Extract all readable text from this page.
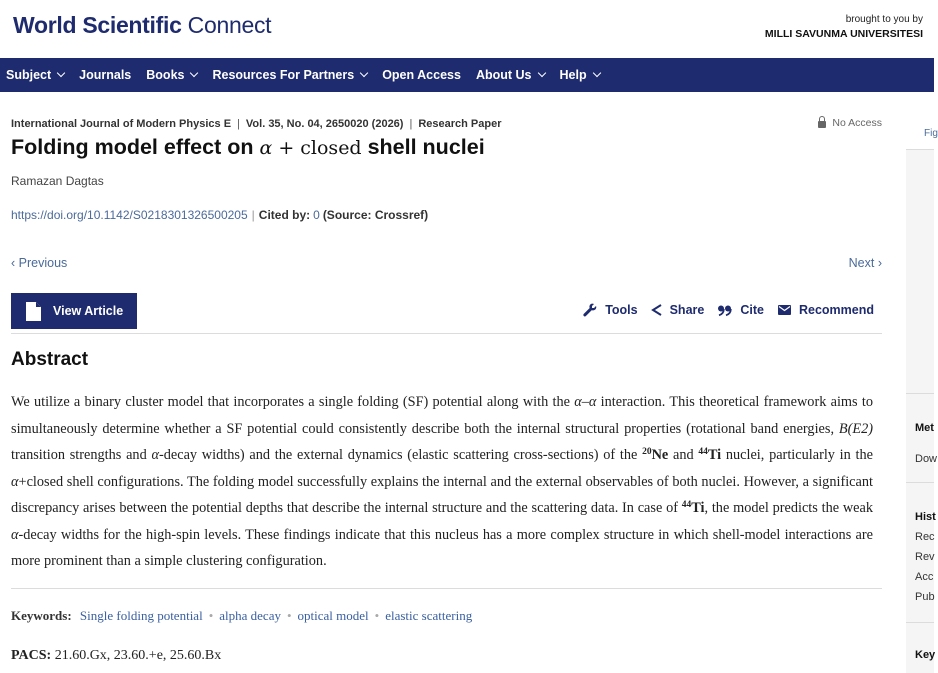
World Scientific Connect	brought to you by
MILLI SAVUNMA UNIVERSITESI
Subject Journals Books Resources For Partners Open Access About Us Help
International Journal of Modern Physics E | Vol. 35, No. 04, 2650020 (2026) | Research Paper	No Access
Folding model effect on α + closed shell nuclei
Ramazan Dagtas
https://doi.org/10.1142/S0218301326500205 | Cited by: 0 (Source: Crossref)
‹ Previous	Next ›
View Article	Tools	Share	Cite	Recommend
Abstract

We utilize a binary cluster model that incorporates a single folding (SF) potential along with the α–α interaction. This theoretical framework aims to simultaneously determine whether a SF potential could consistently describe both the internal structural properties (rotational band energies, B(E2) transition strengths and α-decay widths) and the external dynamics (elastic scattering cross-sections) of the $^{20}$Ne and $^{44}$Ti nuclei, particularly in the α+closed shell configurations. The folding model successfully explains the internal and the external observables of both nuclei. However, a significant discrepancy arises between the potential depths that describe the internal structure and the scattering data. In case of $^{44}$Ti, the model predicts the weak α-decay widths for the high-spin levels. These findings indicate that this nucleus has a more complex structure in which shell-model interactions are more prominent than a simple clustering configuration.

Keywords: Single folding potential • alpha decay • optical model • elastic scattering
PACS: 21.60.Gx, 23.60.+e, 25.60.Bx
Fig
Met
Dow
Hist
Rec
Rev
Acc
Pub
Key
